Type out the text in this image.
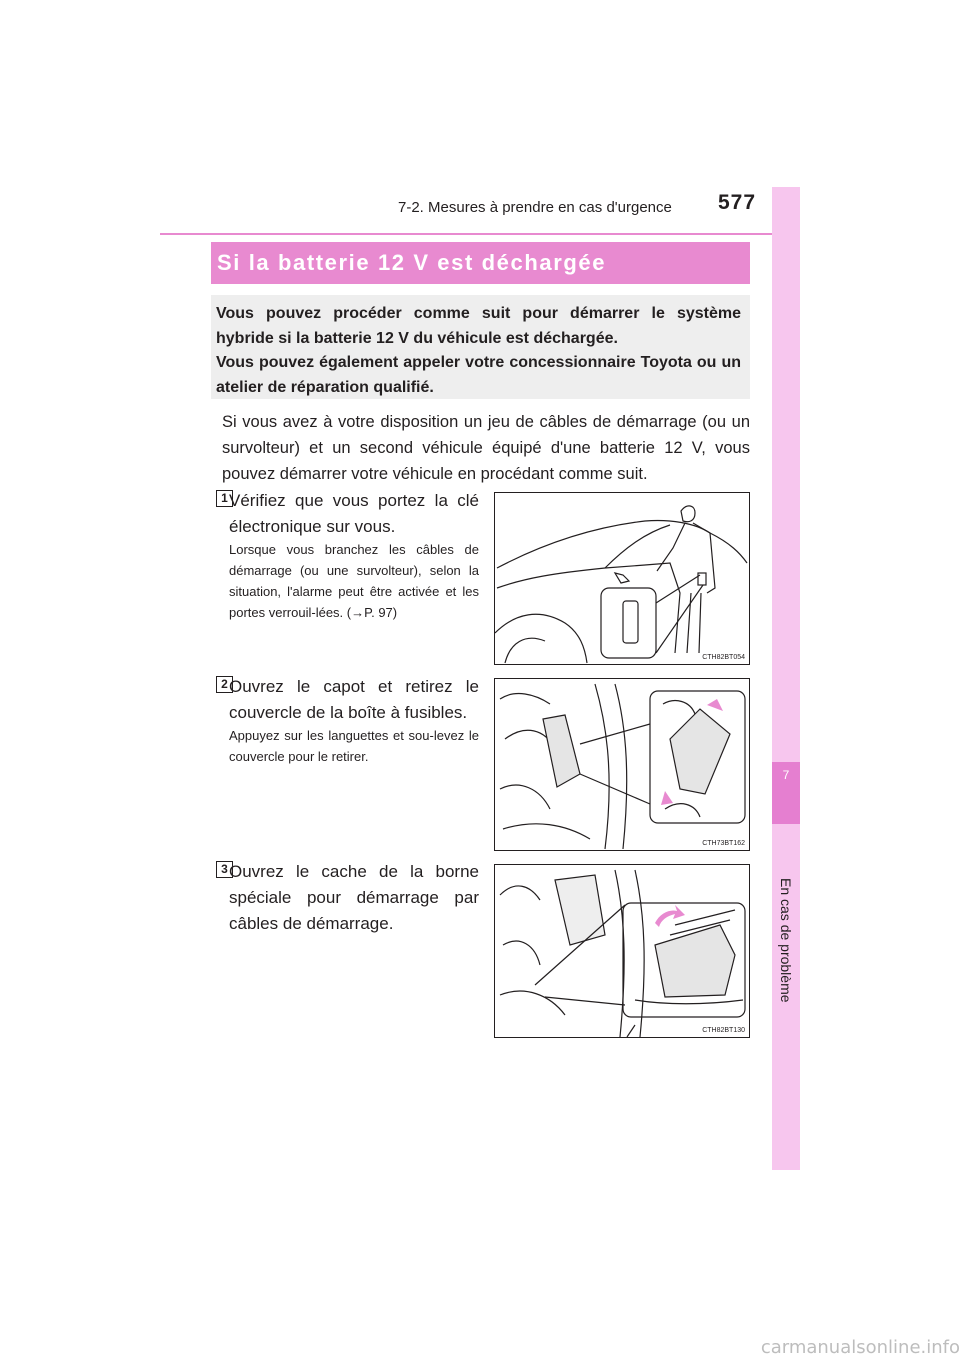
7-2. Mesures à prendre en cas d'urgence 577
7
En cas de problème
Si la batterie 12 V est déchargée

Vous pouvez procéder comme suit pour démarrer le système hybride si la batterie 12 V du véhicule est déchargée.

Vous pouvez également appeler votre concessionnaire Toyota ou un atelier de réparation qualifié.

Si vous avez à votre disposition un jeu de câbles de démarrage (ou un survolteur) et un second véhicule équipé d'une batterie 12 V, vous pouvez démarrer votre véhicule en procédant comme suit.
1 Vérifiez que vous portez la clé électronique sur vous.
Lorsque vous branchez les câbles de démarrage (ou une survolteur), selon la situation, l'alarme peut être activée et les portes verrouil-lées. (→P. 97)
CTH82BT054
2 Ouvrez le capot et retirez le couvercle de la boîte à fusibles.
Appuyez sur les languettes et sou-levez le couvercle pour le retirer.
CTH73BT162
3 Ouvrez le cache de la borne spéciale pour démarrage par câbles de démarrage.
CTH82BT130
carmanualsonline.info
